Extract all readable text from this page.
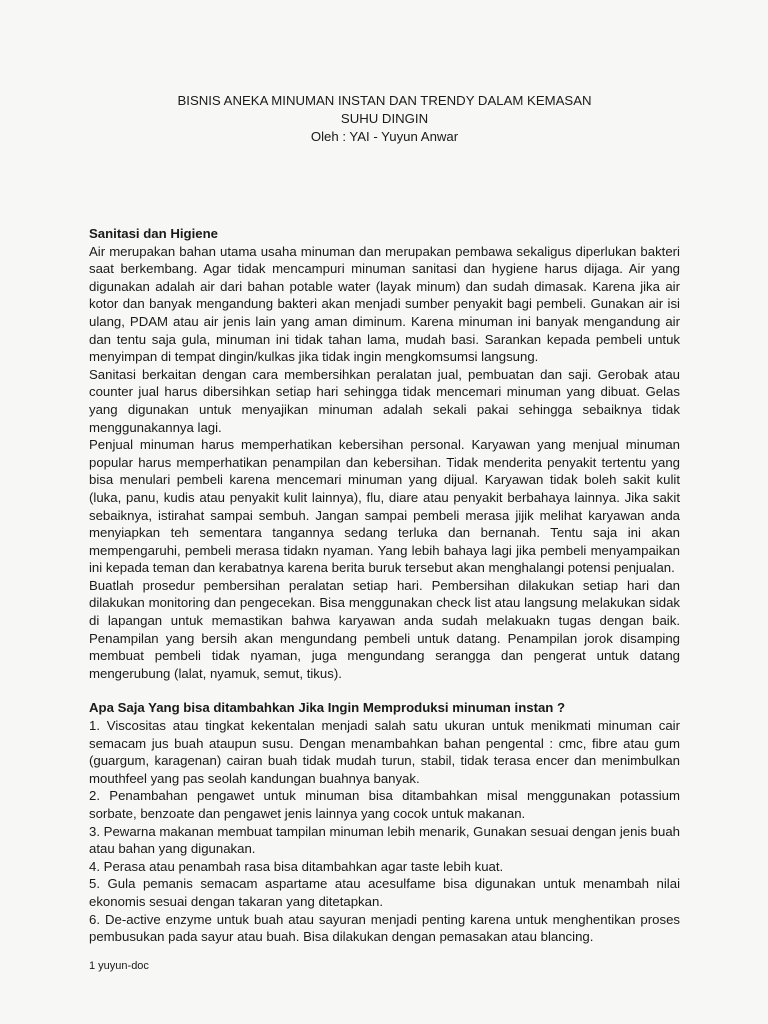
BISNIS ANEKA MINUMAN INSTAN DAN TRENDY DALAM KEMASAN
SUHU DINGIN
Oleh : YAI - Yuyun Anwar
Sanitasi dan Higiene

Air merupakan bahan utama usaha minuman dan merupakan pembawa sekaligus diperlukan bakteri saat berkembang. Agar tidak mencampuri minuman sanitasi dan hygiene harus dijaga. Air yang digunakan adalah air dari bahan potable water (layak minum) dan sudah dimasak. Karena jika air kotor dan banyak mengandung bakteri akan menjadi sumber penyakit bagi pembeli. Gunakan air isi ulang, PDAM atau air jenis lain yang aman diminum. Karena minuman ini banyak mengandung air dan tentu saja gula, minuman ini tidak tahan lama, mudah basi. Sarankan kepada pembeli untuk menyimpan di tempat dingin/kulkas jika tidak ingin mengkomsumsi langsung.

Sanitasi berkaitan dengan cara membersihkan peralatan jual, pembuatan dan saji. Gerobak atau counter jual harus dibersihkan setiap hari sehingga tidak mencemari minuman yang dibuat. Gelas yang digunakan untuk menyajikan minuman adalah sekali pakai sehingga sebaiknya tidak menggunakannya lagi.

Penjual minuman harus memperhatikan kebersihan personal. Karyawan yang menjual minuman popular harus memperhatikan penampilan dan kebersihan. Tidak menderita penyakit tertentu yang bisa menulari pembeli karena mencemari minuman yang dijual. Karyawan tidak boleh sakit kulit (luka, panu, kudis atau penyakit kulit lainnya), flu, diare atau penyakit berbahaya lainnya. Jika sakit sebaiknya, istirahat sampai sembuh. Jangan sampai pembeli merasa jijik melihat karyawan anda menyiapkan teh sementara tangannya sedang terluka dan bernanah. Tentu saja ini akan mempengaruhi, pembeli merasa tidakn nyaman. Yang lebih bahaya lagi jika pembeli menyampaikan ini kepada teman dan kerabatnya karena berita buruk tersebut akan menghalangi potensi penjualan.

Buatlah prosedur pembersihan peralatan setiap hari. Pembersihan dilakukan setiap hari dan dilakukan monitoring dan pengecekan. Bisa menggunakan check list atau langsung melakukan sidak di lapangan untuk memastikan bahwa karyawan anda sudah melakuakn tugas dengan baik. Penampilan yang bersih akan mengundang pembeli untuk datang. Penampilan jorok disamping membuat pembeli tidak nyaman, juga mengundang serangga dan pengerat untuk datang mengerubung (lalat, nyamuk, semut, tikus).

Apa Saja Yang bisa ditambahkan Jika Ingin Memproduksi minuman instan ?

1. Viscositas atau tingkat kekentalan menjadi salah satu ukuran untuk menikmati minuman cair semacam jus buah ataupun susu. Dengan menambahkan bahan pengental : cmc, fibre atau gum (guargum, karagenan) cairan buah tidak mudah turun, stabil, tidak terasa encer dan menimbulkan mouthfeel yang pas seolah kandungan buahnya banyak.

2. Penambahan pengawet untuk minuman bisa ditambahkan misal menggunakan potassium sorbate, benzoate dan pengawet jenis lainnya yang cocok untuk makanan.

3. Pewarna makanan membuat tampilan minuman lebih menarik, Gunakan sesuai dengan jenis buah atau bahan yang digunakan.

4. Perasa atau penambah rasa bisa ditambahkan agar taste lebih kuat.

5. Gula pemanis semacam aspartame atau acesulfame bisa digunakan untuk menambah nilai ekonomis sesuai dengan takaran yang ditetapkan.

6. De-active enzyme untuk buah atau sayuran menjadi penting karena untuk menghentikan proses pembusukan pada sayur atau buah. Bisa dilakukan dengan pemasakan atau blancing.

1 yuyun-doc
